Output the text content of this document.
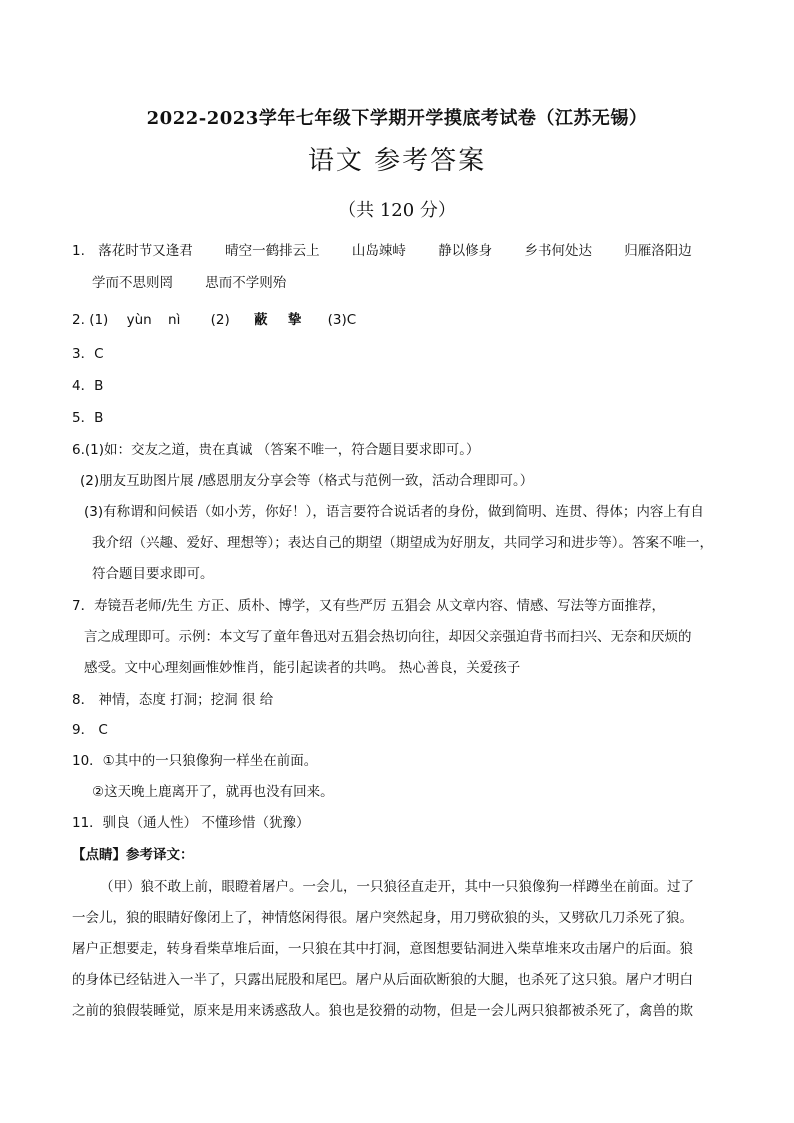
2022-2023学年七年级下学期开学摸底考试卷（江苏无锡）
语文 参考答案
（共 120 分）
1. 落花时节又逢君 晴空一鹤排云上 山岛竦峙 静以修身 乡书何处达 归雁洛阳边
学而不思则罔 思而不学则殆
2. (1) yùn nì (2) 蔽 挚 (3)C
3．C
4．B
5．B
6.(1)如：交友之道，贵在真诚 （答案不唯一，符合题目要求即可。）
(2)朋友互助图片展 /感恩朋友分享会等（格式与范例一致，活动合理即可。）
(3)有称谓和问候语（如小芳，你好！），语言要符合说话者的身份，做到简明、连贯、得体；内容上有自
我介绍（兴趣、爱好、理想等）；表达自己的期望（期望成为好朋友，共同学习和进步等）。答案不唯一，
符合题目要求即可。
7．寿镜吾老师/先生 方正、质朴、博学，又有些严厉 五猖会 从文章内容、情感、写法等方面推荐，
言之成理即可。示例：本文写了童年鲁迅对五猖会热切向往，却因父亲强迫背书而扫兴、无奈和厌烦的
感受。文中心理刻画惟妙惟肖，能引起读者的共鸣。 热心善良，关爱孩子
8． 神情，态度 打洞；挖洞 很 给
9． C
10．①其中的一只狼像狗一样坐在前面。
②这天晚上鹿离开了，就再也没有回来。
11．驯良（通人性） 不懂珍惜（犹豫）
【点睛】参考译文：
（甲）狼不敢上前，眼瞪着屠户。一会儿，一只狼径直走开，其中一只狼像狗一样蹲坐在前面。过了
一会儿，狼的眼睛好像闭上了，神情悠闲得很。屠户突然起身，用刀劈砍狼的头，又劈砍几刀杀死了狼。
屠户正想要走，转身看柴草堆后面，一只狼在其中打洞，意图想要钻洞进入柴草堆来攻击屠户的后面。狼
的身体已经钻进入一半了，只露出屁股和尾巴。屠户从后面砍断狼的大腿，也杀死了这只狼。屠户才明白
之前的狼假装睡觉，原来是用来诱惑敌人。狼也是狡猾的动物，但是一会儿两只狼都被杀死了，禽兽的欺
